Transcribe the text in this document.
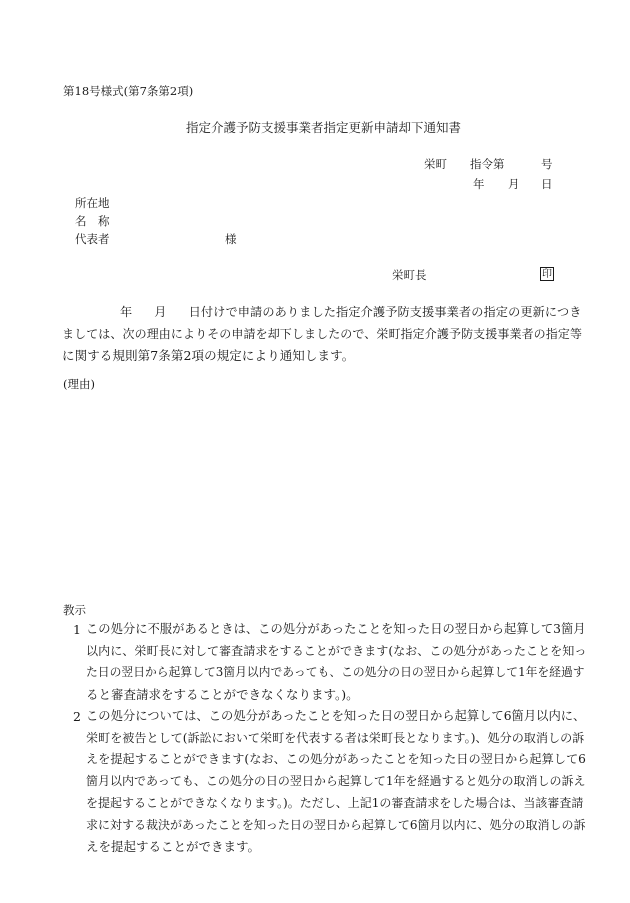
第18号様式(第7条第2項)
指定介護予防支援事業者指定更新申請却下通知書
栄町 指令第	号
年 月 日
所在地
名　称
代表者	様
栄町長	印
年 月 日付けで申請のありました指定介護予防支援事業者の指定の更新につき
ましては、次の理由によりその申請を却下しましたので、栄町指定介護予防支援事業者の指定等
に関する規則第7条第2項の規定により通知します。
(理由)
教示
1 この処分に不服があるときは、この処分があったことを知った日の翌日から起算して3箇月
以内に、栄町長に対して審査請求をすることができます(なお、この処分があったことを知っ
た日の翌日から起算して3箇月以内であっても、この処分の日の翌日から起算して1年を経過す
ると審査請求をすることができなくなります。)。
2 この処分については、この処分があったことを知った日の翌日から起算して6箇月以内に、
栄町を被告として(訴訟において栄町を代表する者は栄町長となります。)、処分の取消しの訴
えを提起することができます(なお、この処分があったことを知った日の翌日から起算して6
箇月以内であっても、この処分の日の翌日から起算して1年を経過すると処分の取消しの訴え
を提起することができなくなります。)。ただし、上記1の審査請求をした場合は、当該審査請
求に対する裁決があったことを知った日の翌日から起算して6箇月以内に、処分の取消しの訴
えを提起することができます。
